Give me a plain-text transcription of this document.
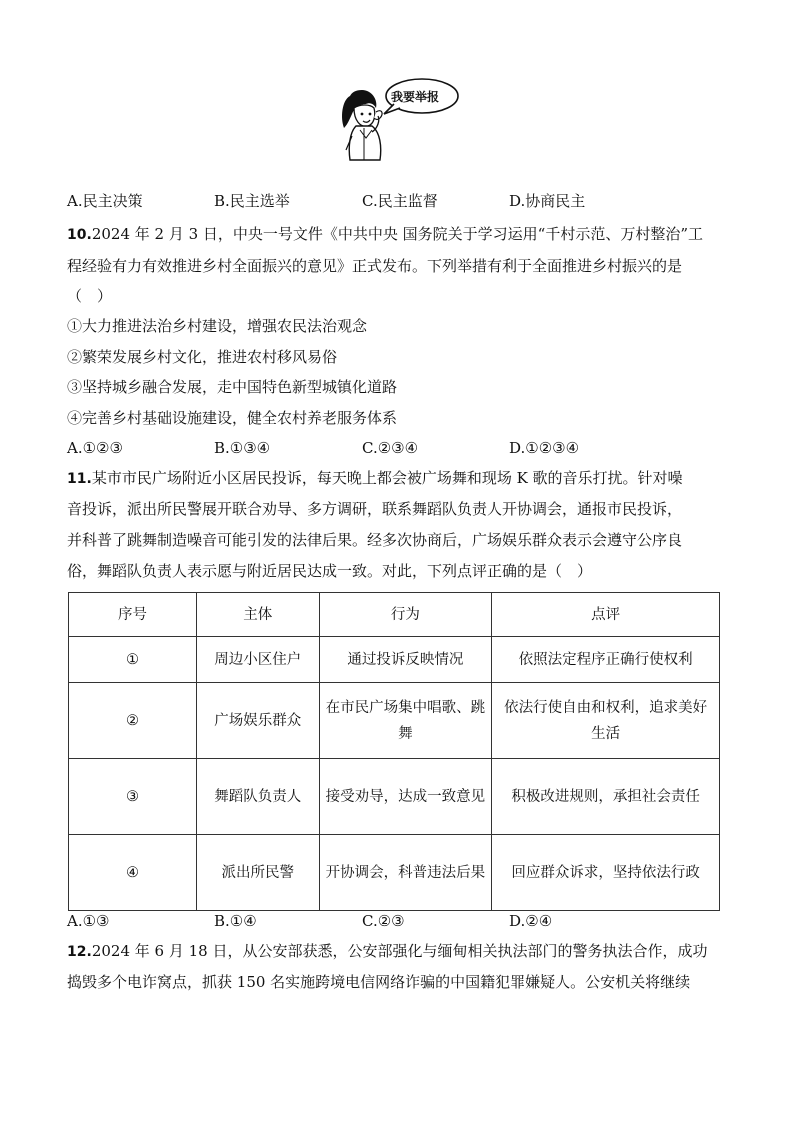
我要举报
A.民主决策	B.民主选举	C.民主监督	D.协商民主
10.2024 年 2 月 3 日，中央一号文件《中共中央 国务院关于学习运用“千村示范、万村整治”工
程经验有力有效推进乡村全面振兴的意见》正式发布。下列举措有利于全面推进乡村振兴的是
（　）
①大力推进法治乡村建设，增强农民法治观念
②繁荣发展乡村文化，推进农村移风易俗
③坚持城乡融合发展，走中国特色新型城镇化道路
④完善乡村基础设施建设，健全农村养老服务体系
A.①②③	B.①③④	C.②③④	D.①②③④
11.某市市民广场附近小区居民投诉，每天晚上都会被广场舞和现场 K 歌的音乐打扰。针对噪
音投诉，派出所民警展开联合劝导、多方调研，联系舞蹈队负责人开协调会，通报市民投诉，
并科普了跳舞制造噪音可能引发的法律后果。经多次协商后，广场娱乐群众表示会遵守公序良
俗，舞蹈队负责人表示愿与附近居民达成一致。对此，下列点评正确的是（　）
序号	主体	行为	点评
①	周边小区住户	通过投诉反映情况	依照法定程序正确行使权利
②	广场娱乐群众	在市民广场集中唱歌、跳舞	依法行使自由和权利，追求美好生活
③	舞蹈队负责人	接受劝导，达成一致意见	积极改进规则，承担社会责任
④	派出所民警	开协调会，科普违法后果	回应群众诉求，坚持依法行政
A.①③	B.①④	C.②③	D.②④
12.2024 年 6 月 18 日，从公安部获悉，公安部强化与缅甸相关执法部门的警务执法合作，成功
捣毁多个电诈窝点，抓获 150 名实施跨境电信网络诈骗的中国籍犯罪嫌疑人。公安机关将继续
